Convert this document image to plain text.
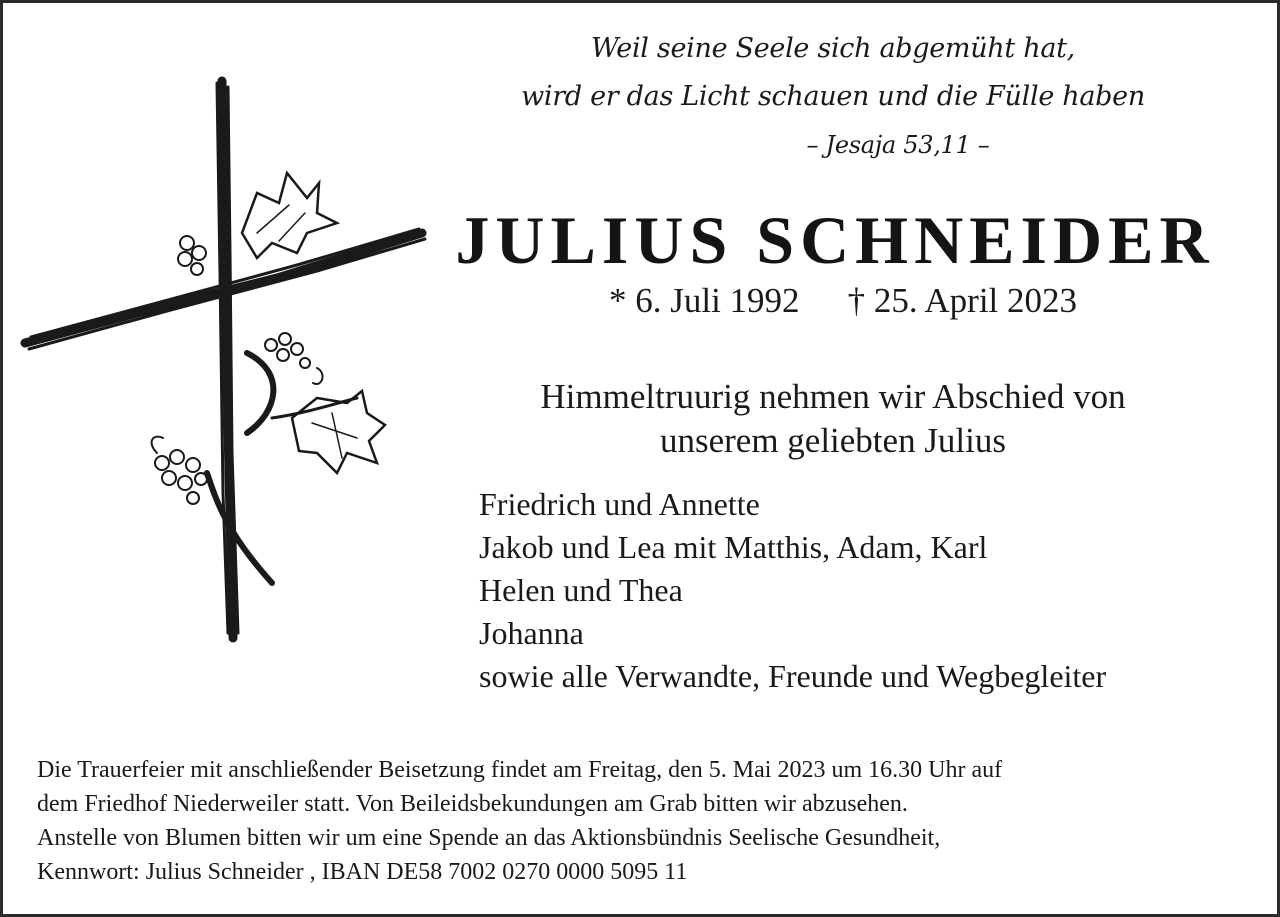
Weil seine Seele sich abgemüht hat,
wird er das Licht schauen und die Fülle haben
– Jesaja 53,11 –
JULIUS SCHNEIDER
* 6. Juli 1992 † 25. April 2023
Himmeltruurig nehmen wir Abschied von
unserem geliebten Julius
Friedrich und Annette
Jakob und Lea mit Matthis, Adam, Karl
Helen und Thea
Johanna
sowie alle Verwandte, Freunde und Wegbegleiter
Die Trauerfeier mit anschließender Beisetzung findet am Freitag, den 5. Mai 2023 um 16.30 Uhr auf
dem Friedhof Niederweiler statt. Von Beileidsbekundungen am Grab bitten wir abzusehen.
Anstelle von Blumen bitten wir um eine Spende an das Aktionsbündnis Seelische Gesundheit,
Kennwort: Julius Schneider , IBAN DE58 7002 0270 0000 5095 11
